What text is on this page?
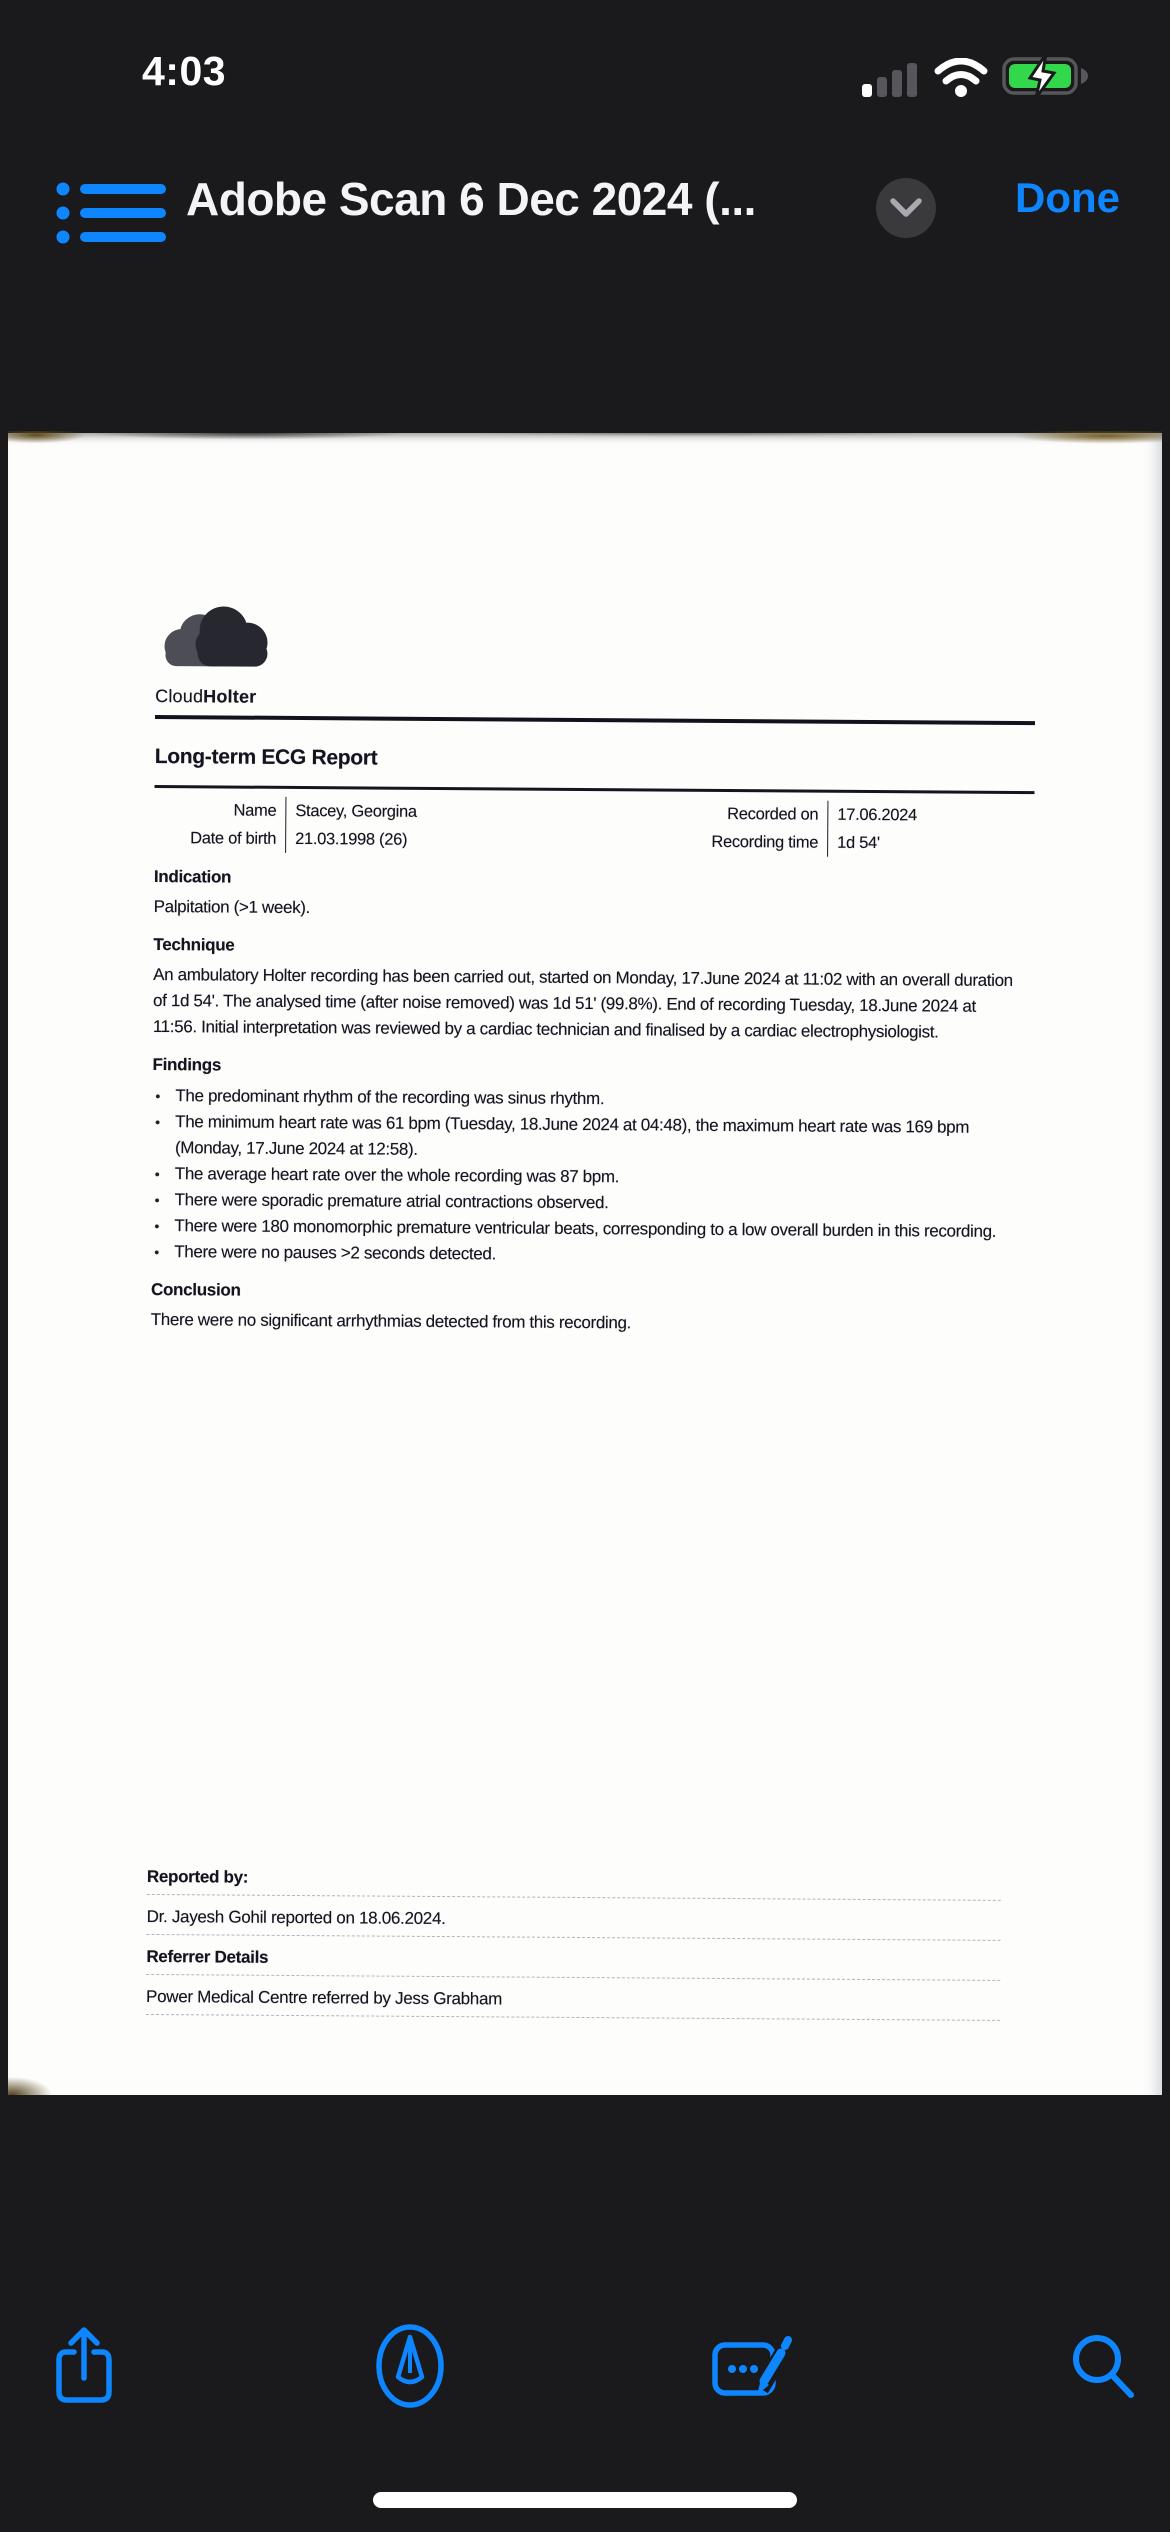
4:03
Adobe Scan 6 Dec 2024 (...	Done
CloudHolter
Long-term ECG Report
Name	Stacey, Georgina	Recorded on	17.06.2024
Date of birth	21.03.1998 (26)	Recording time	1d 54'
Indication

Palpitation (>1 week).

Technique

An ambulatory Holter recording has been carried out, started on Monday, 17.June 2024 at 11:02 with an overall duration of 1d 54'. The analysed time (after noise removed) was 1d 51' (99.8%). End of recording Tuesday, 18.June 2024 at 11:56. Initial interpretation was reviewed by a cardiac technician and finalised by a cardiac electrophysiologist.

Findings
• The predominant rhythm of the recording was sinus rhythm.
• The minimum heart rate was 61 bpm (Tuesday, 18.June 2024 at 04:48), the maximum heart rate was 169 bpm (Monday, 17.June 2024 at 12:58).
• The average heart rate over the whole recording was 87 bpm.
• There were sporadic premature atrial contractions observed.
• There were 180 monomorphic premature ventricular beats, corresponding to a low overall burden in this recording.
• There were no pauses >2 seconds detected.
Conclusion

There were no significant arrhythmias detected from this recording.

Reported by:
Dr. Jayesh Gohil reported on 18.06.2024.
Referrer Details
Power Medical Centre referred by Jess Grabham
